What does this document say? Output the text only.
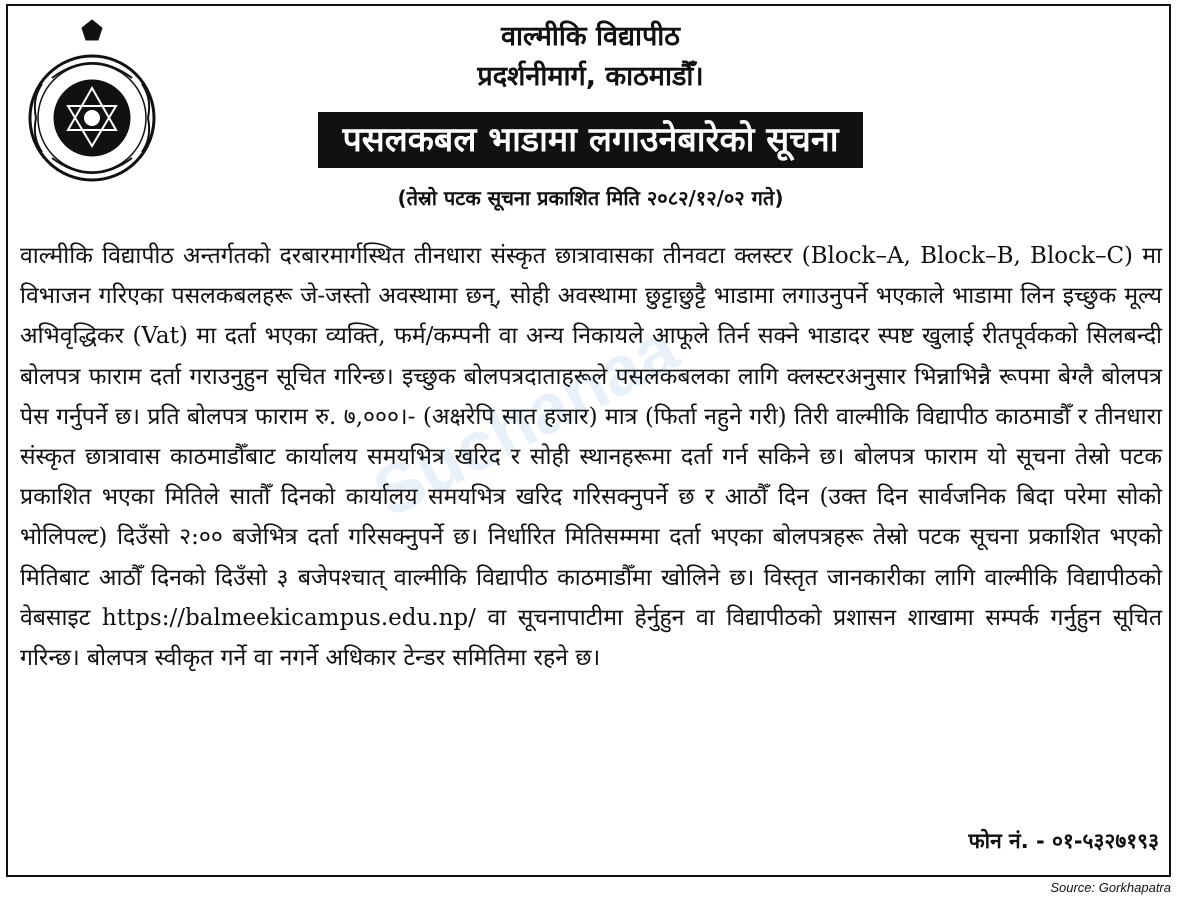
Suchanaa
वाल्मीकि विद्यापीठ
प्रदर्शनीमार्ग, काठमाडौँ।
पसलकबल भाडामा लगाउनेबारेको सूचना
(तेस्रो पटक सूचना प्रकाशित मिति २०८२/१२/०२ गते)
वाल्मीकि विद्यापीठ अन्तर्गतको दरबारमार्गस्थित तीनधारा संस्कृत छात्रावासका तीनवटा क्लस्टर (Block–A, Block–B, Block–C) मा विभाजन गरिएका पसलकबलहरू जे-जस्तो अवस्थामा छन्, सोही अवस्थामा छुट्टाछुट्टै भाडामा लगाउनुपर्ने भएकाले भाडामा लिन इच्छुक मूल्य अभिवृद्धिकर (Vat) मा दर्ता भएका व्यक्ति, फर्म/कम्पनी वा अन्य निकायले आफूले तिर्न सक्ने भाडादर स्पष्ट खुलाई रीतपूर्वकको सिलबन्दी बोलपत्र फाराम दर्ता गराउनुहुन सूचित गरिन्छ। इच्छुक बोलपत्रदाताहरूले पसलकबलका लागि क्लस्टरअनुसार भिन्नाभिन्नै रूपमा बेग्लै बोलपत्र पेस गर्नुपर्ने छ। प्रति बोलपत्र फाराम रु. ७,०००।- (अक्षरेपि सात हजार) मात्र (फिर्ता नहुने गरी) तिरी वाल्मीकि विद्यापीठ काठमाडौँ र तीनधारा संस्कृत छात्रावास काठमाडौँबाट कार्यालय समयभित्र खरिद र सोही स्थानहरूमा दर्ता गर्न सकिने छ। बोलपत्र फाराम यो सूचना तेस्रो पटक प्रकाशित भएका मितिले सातौँ दिनको कार्यालय समयभित्र खरिद गरिसक्नुपर्ने छ र आठौँ दिन (उक्त दिन सार्वजनिक बिदा परेमा सोको भोलिपल्ट) दिउँसो २:०० बजेभित्र दर्ता गरिसक्नुपर्ने छ। निर्धारित मितिसम्ममा दर्ता भएका बोलपत्रहरू तेस्रो पटक सूचना प्रकाशित भएको मितिबाट आठौँ दिनको दिउँसो ३ बजेपश्चात् वाल्मीकि विद्यापीठ काठमाडौँमा खोलिने छ। विस्तृत जानकारीका लागि वाल्मीकि विद्यापीठको वेबसाइट https://balmeekicampus.edu.np/ वा सूचनापाटीमा हेर्नुहुन वा विद्यापीठको प्रशासन शाखामा सम्पर्क गर्नुहुन सूचित गरिन्छ। बोलपत्र स्वीकृत गर्ने वा नगर्ने अधिकार टेन्डर समितिमा रहने छ।
फोन नं. - ०१-५३२७१९३
Source: Gorkhapatra
